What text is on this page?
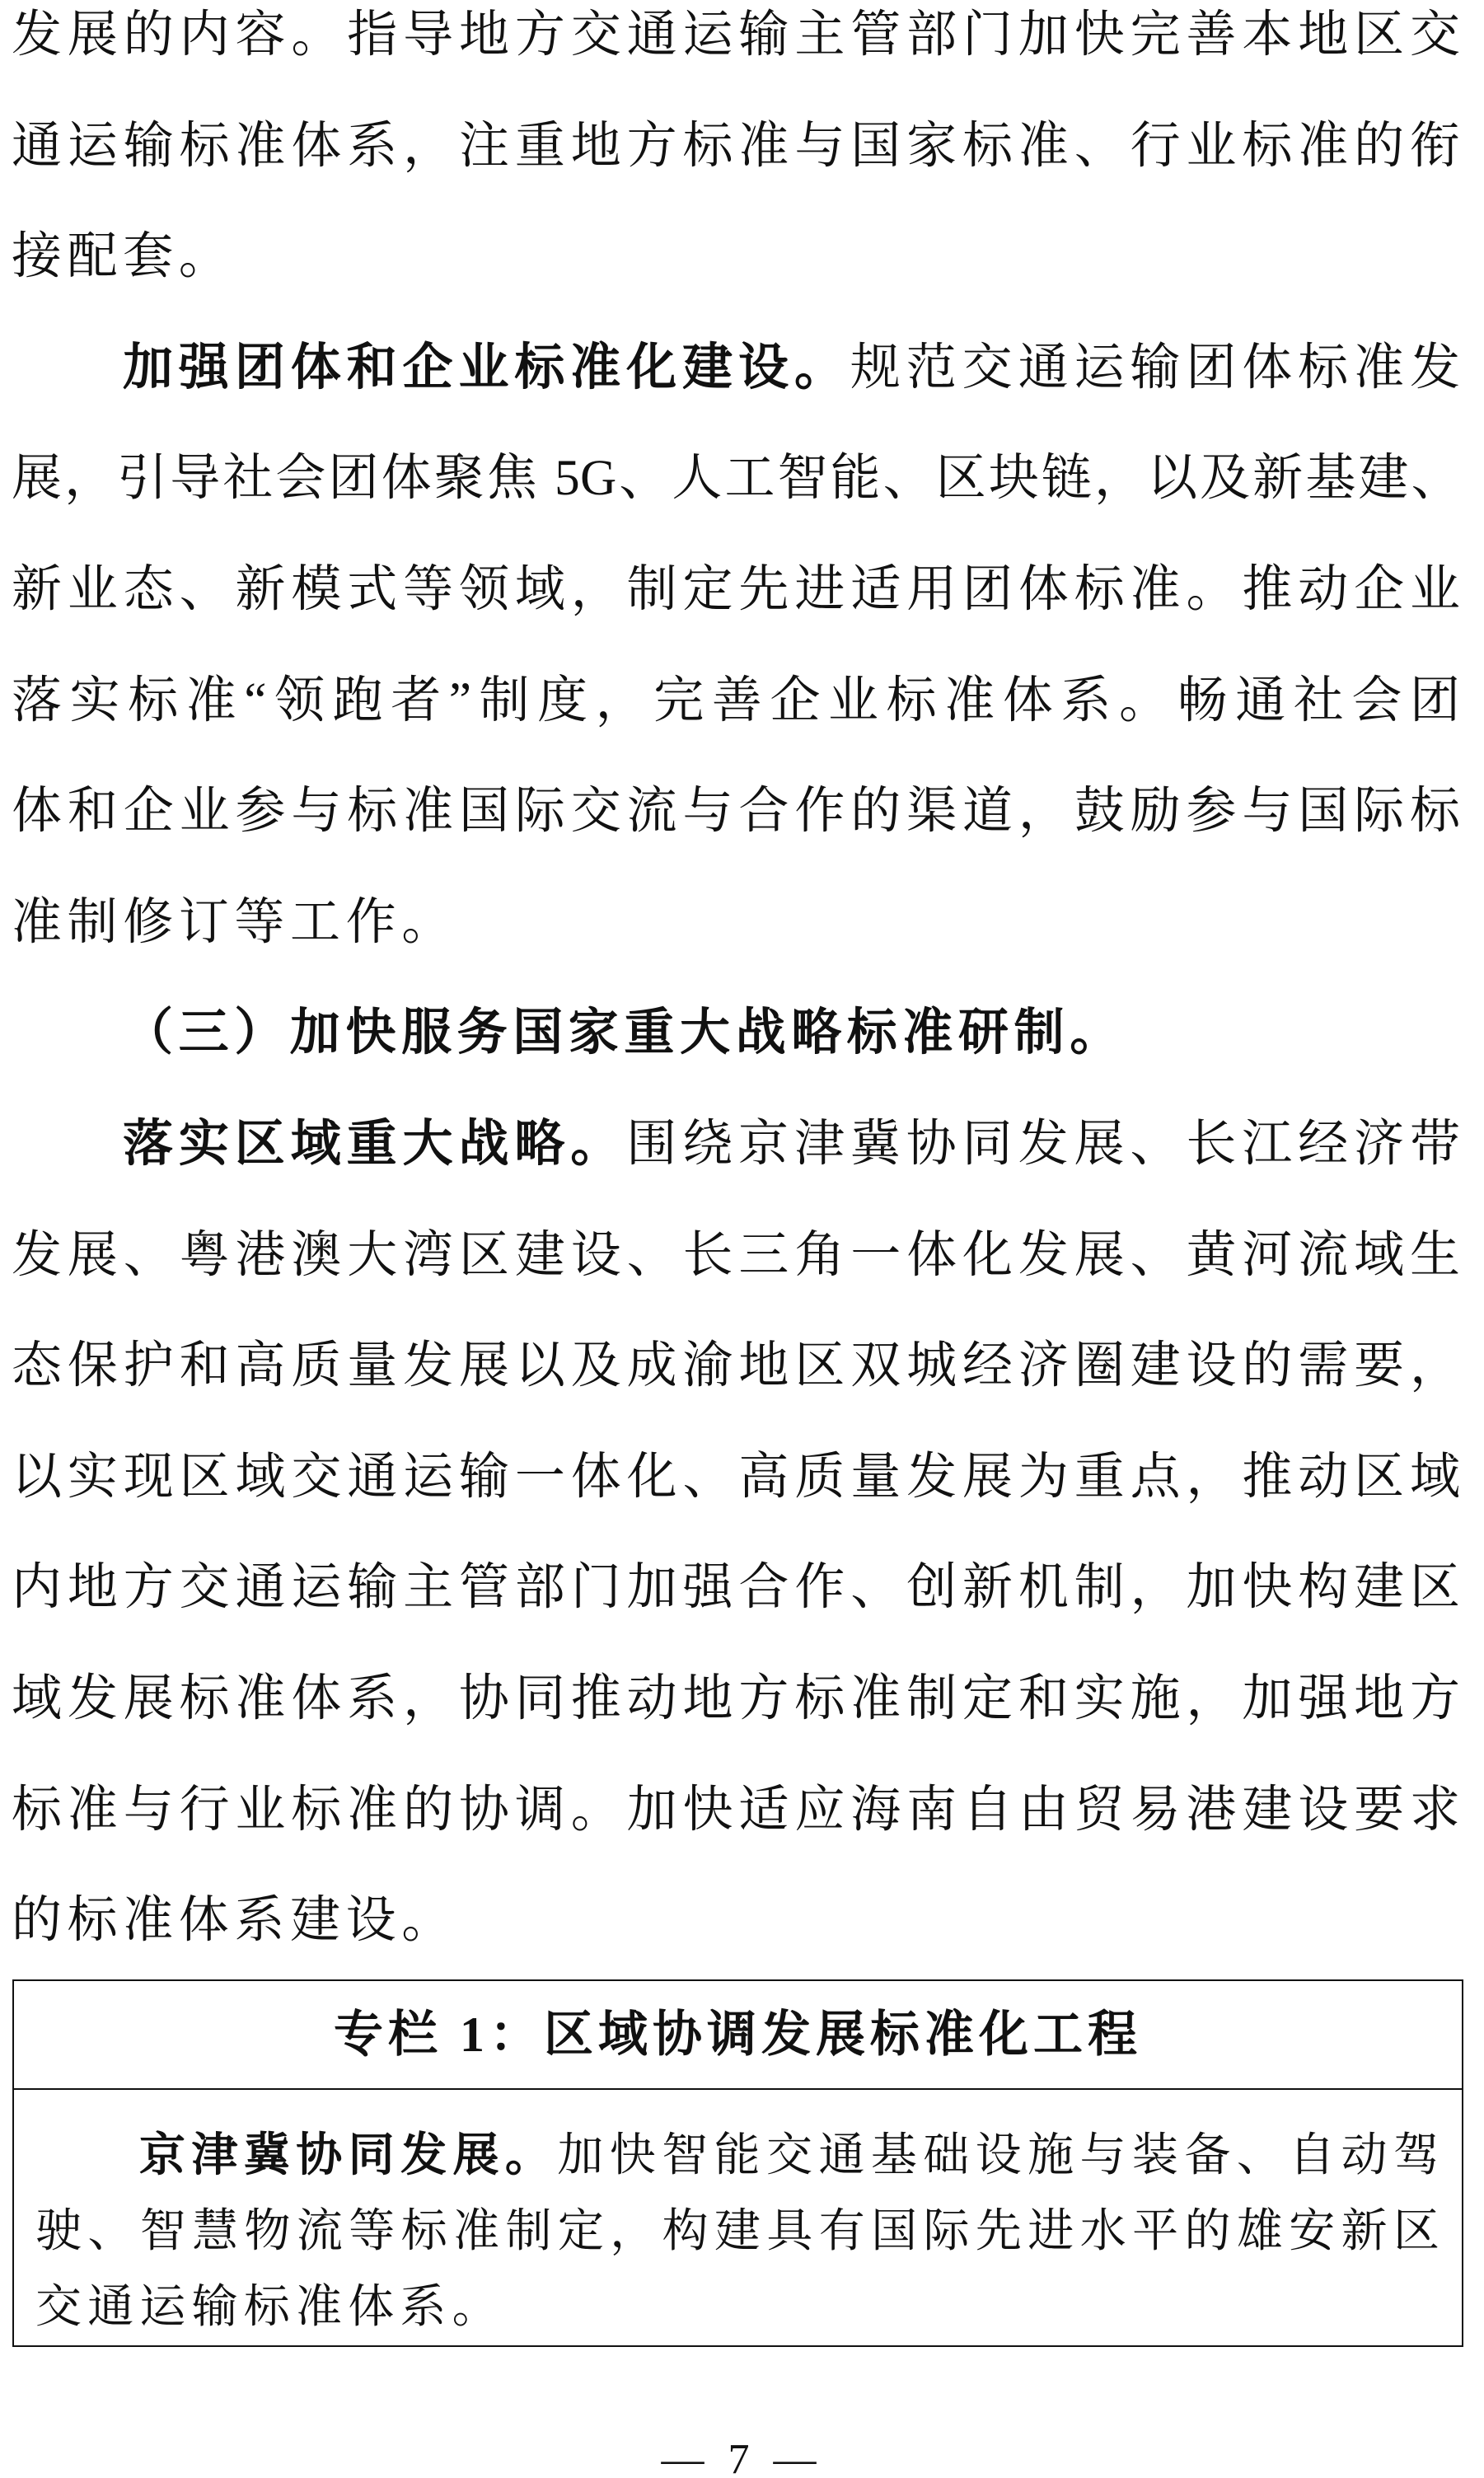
发展的内容。指导地方交通运输主管部门加快完善本地区交
通运输标准体系，注重地方标准与国家标准、行业标准的衔
接配套。
加强团体和企业标准化建设。规范交通运输团体标准发
展，引导社会团体聚焦 5G、人工智能、区块链，以及新基建、
新业态、新模式等领域，制定先进适用团体标准。推动企业
落实标准“领跑者”制度，完善企业标准体系。畅通社会团
体和企业参与标准国际交流与合作的渠道，鼓励参与国际标
准制修订等工作。
（三）加快服务国家重大战略标准研制。
落实区域重大战略。围绕京津冀协同发展、长江经济带
发展、粤港澳大湾区建设、长三角一体化发展、黄河流域生
态保护和高质量发展以及成渝地区双城经济圈建设的需要，
以实现区域交通运输一体化、高质量发展为重点，推动区域
内地方交通运输主管部门加强合作、创新机制，加快构建区
域发展标准体系，协同推动地方标准制定和实施，加强地方
标准与行业标准的协调。加快适应海南自由贸易港建设要求
的标准体系建设。
专栏 1：区域协调发展标准化工程
京津冀协同发展。加快智能交通基础设施与装备、自动驾
驶、智慧物流等标准制定，构建具有国际先进水平的雄安新区
交通运输标准体系。
— 7 —
